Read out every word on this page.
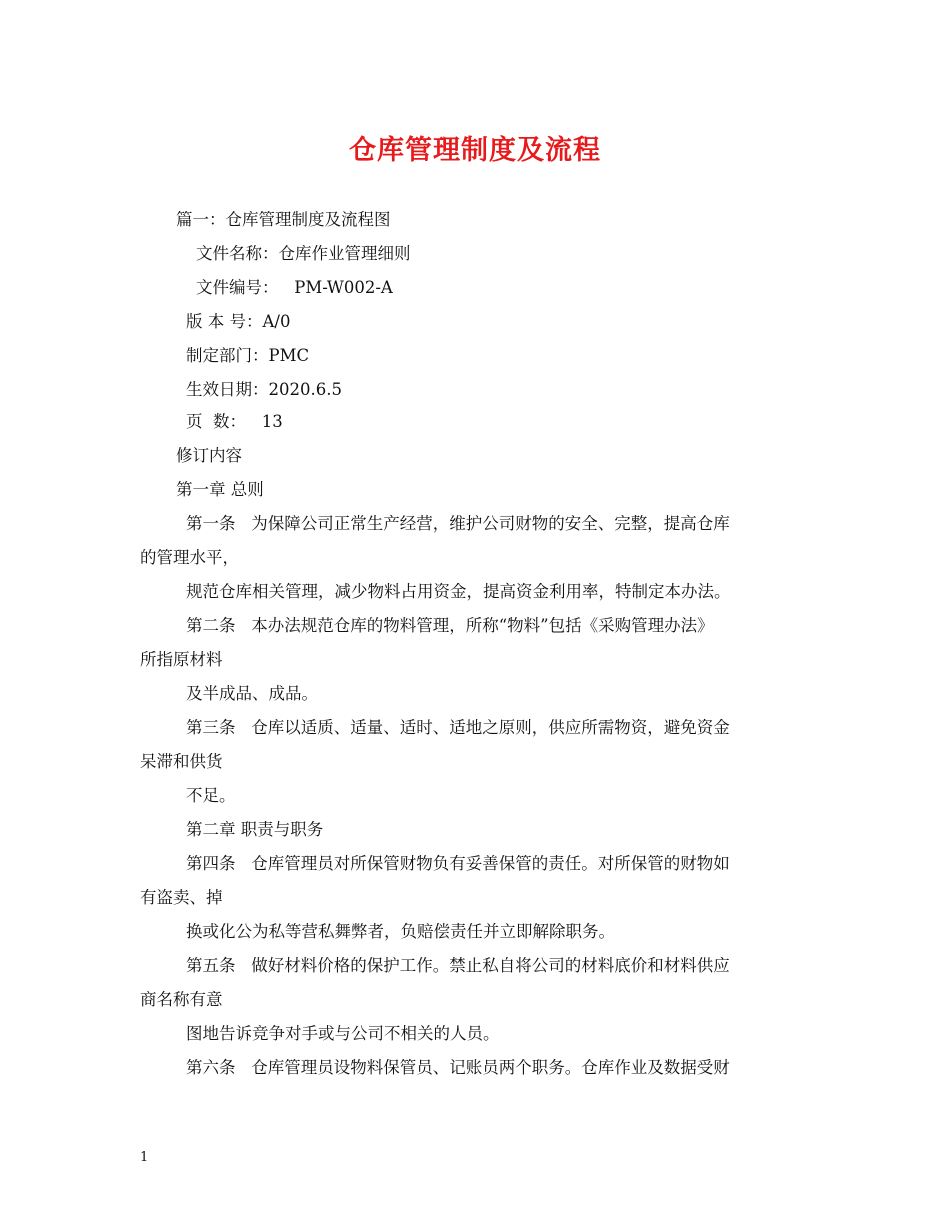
仓库管理制度及流程
篇一：仓库管理制度及流程图
文件名称：仓库作业管理细则
文件编号：   PM-W002-A
版 本 号：A/0
制定部门：PMC
生效日期：2020.6.5
页  数：   13
修订内容
第一章 总则
第一条   为保障公司正常生产经营，维护公司财物的安全、完整，提高仓库
的管理水平，
规范仓库相关管理，减少物料占用资金，提高资金利用率，特制定本办法。
第二条   本办法规范仓库的物料管理，所称“物料”包括《采购管理办法》
所指原材料
及半成品、成品。
第三条   仓库以适质、适量、适时、适地之原则，供应所需物资，避免资金
呆滞和供货
不足。
第二章 职责与职务
第四条   仓库管理员对所保管财物负有妥善保管的责任。对所保管的财物如
有盗卖、掉
换或化公为私等营私舞弊者，负赔偿责任并立即解除职务。
第五条   做好材料价格的保护工作。禁止私自将公司的材料底价和材料供应
商名称有意
图地告诉竞争对手或与公司不相关的人员。
第六条   仓库管理员设物料保管员、记账员两个职务。仓库作业及数据受财
1
